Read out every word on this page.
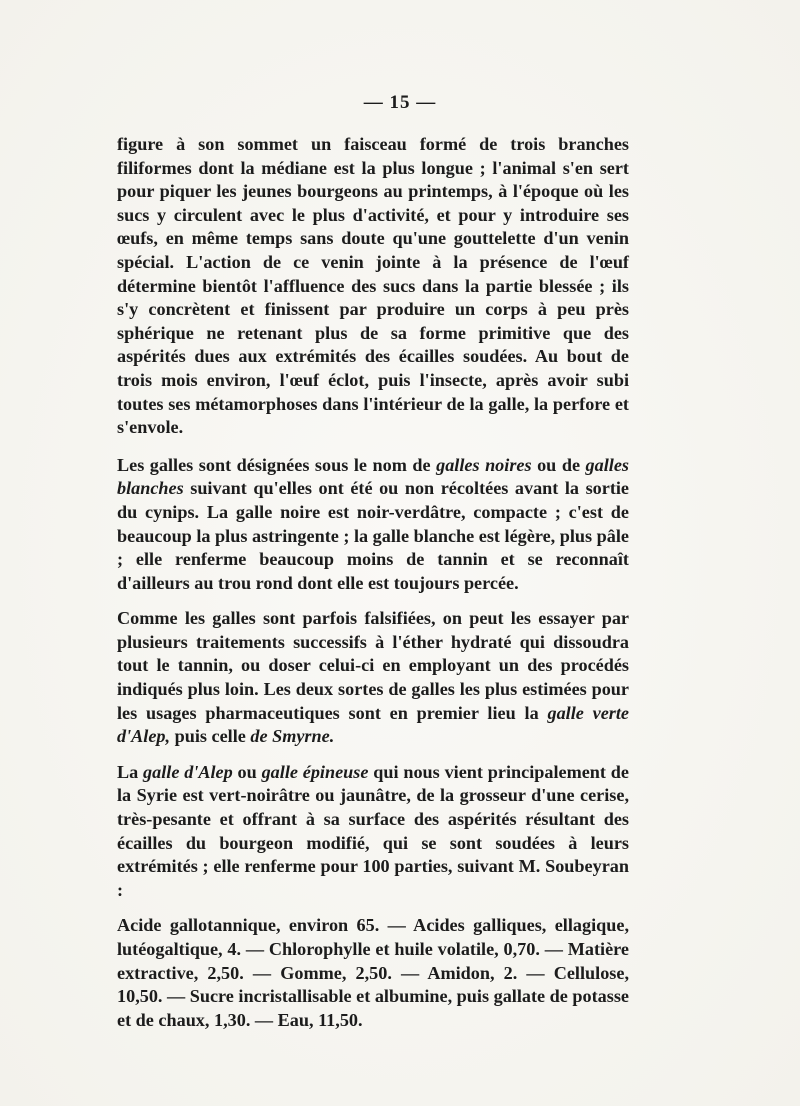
— 15 —

figure à son sommet un faisceau formé de trois branches filiformes dont la médiane est la plus longue ; l'animal s'en sert pour piquer les jeunes bourgeons au printemps, à l'époque où les sucs y circulent avec le plus d'activité, et pour y introduire ses œufs, en même temps sans doute qu'une gouttelette d'un venin spécial. L'action de ce venin jointe à la présence de l'œuf détermine bientôt l'affluence des sucs dans la partie blessée ; ils s'y concrètent et finissent par produire un corps à peu près sphérique ne retenant plus de sa forme primitive que des aspérités dues aux extrémités des écailles soudées. Au bout de trois mois environ, l'œuf éclot, puis l'insecte, après avoir subi toutes ses métamorphoses dans l'intérieur de la galle, la perfore et s'envole.

Les galles sont désignées sous le nom de galles noires ou de galles blanches suivant qu'elles ont été ou non récoltées avant la sortie du cynips. La galle noire est noir-verdâtre, compacte ; c'est de beaucoup la plus astringente ; la galle blanche est légère, plus pâle ; elle renferme beaucoup moins de tannin et se reconnaît d'ailleurs au trou rond dont elle est toujours percée.

Comme les galles sont parfois falsifiées, on peut les essayer par plusieurs traitements successifs à l'éther hydraté qui dissoudra tout le tannin, ou doser celui-ci en employant un des procédés indiqués plus loin. Les deux sortes de galles les plus estimées pour les usages pharmaceutiques sont en premier lieu la galle verte d'Alep, puis celle de Smyrne.

La galle d'Alep ou galle épineuse qui nous vient principalement de la Syrie est vert-noirâtre ou jaunâtre, de la grosseur d'une cerise, très-pesante et offrant à sa surface des aspérités résultant des écailles du bourgeon modifié, qui se sont soudées à leurs extrémités ; elle renferme pour 100 parties, suivant M. Soubeyran :

Acide gallotannique, environ 65. — Acides galliques, ellagique, lutéogaltique, 4. — Chlorophylle et huile volatile, 0,70. — Matière extractive, 2,50. — Gomme, 2,50. — Amidon, 2. — Cellulose, 10,50. — Sucre incristallisable et albumine, puis gallate de potasse et de chaux, 1,30. — Eau, 11,50.
